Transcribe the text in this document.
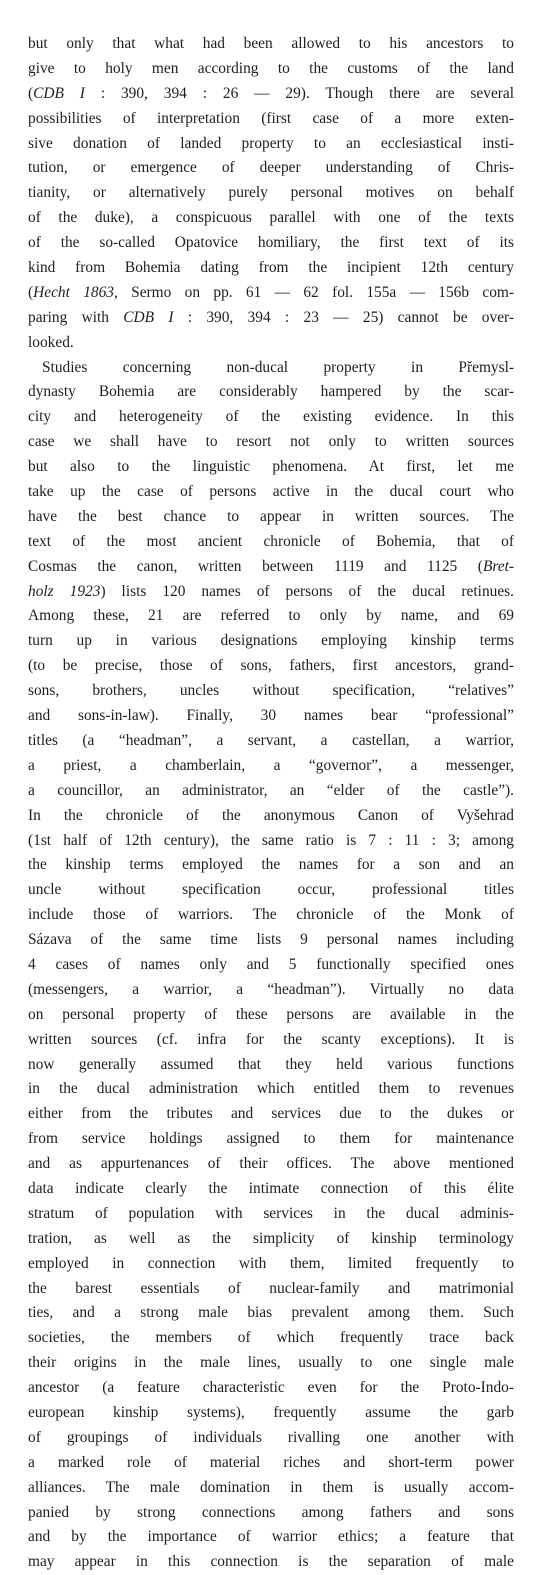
but only that what had been allowed to his ancestors to
give to holy men according to the customs of the land
(CDB I : 390, 394 : 26 — 29). Though there are several
possibilities of interpretation (first case of a more exten-
sive donation of landed property to an ecclesiastical insti-
tution, or emergence of deeper understanding of Chris-
tianity, or alternatively purely personal motives on behalf
of the duke), a conspicuous parallel with one of the texts
of the so-called Opatovice homiliary, the first text of its
kind from Bohemia dating from the incipient 12th century
(Hecht 1863, Sermo on pp. 61 — 62 fol. 155a — 156b com-
paring with CDB I : 390, 394 : 23 — 25) cannot be over-
looked.
Studies concerning non-ducal property in Přemysl-
dynasty Bohemia are considerably hampered by the scar-
city and heterogeneity of the existing evidence. In this
case we shall have to resort not only to written sources
but also to the linguistic phenomena. At first, let me
take up the case of persons active in the ducal court who
have the best chance to appear in written sources. The
text of the most ancient chronicle of Bohemia, that of
Cosmas the canon, written between 1119 and 1125 (Bret-
holz 1923) lists 120 names of persons of the ducal retinues.
Among these, 21 are referred to only by name, and 69
turn up in various designations employing kinship terms
(to be precise, those of sons, fathers, first ancestors, grand-
sons, brothers, uncles without specification, “relatives”
and sons-in-law). Finally, 30 names bear “professional”
titles (a “headman”, a servant, a castellan, a warrior,
a priest, a chamberlain, a “governor”, a messenger,
a councillor, an administrator, an “elder of the castle”).
In the chronicle of the anonymous Canon of Vyšehrad
(1st half of 12th century), the same ratio is 7 : 11 : 3; among
the kinship terms employed the names for a son and an
uncle without specification occur, professional titles
include those of warriors. The chronicle of the Monk of
Sázava of the same time lists 9 personal names including
4 cases of names only and 5 functionally specified ones
(messengers, a warrior, a “headman”). Virtually no data
on personal property of these persons are available in the
written sources (cf. infra for the scanty exceptions). It is
now generally assumed that they held various functions
in the ducal administration which entitled them to revenues
either from the tributes and services due to the dukes or
from service holdings assigned to them for maintenance
and as appurtenances of their offices. The above mentioned
data indicate clearly the intimate connection of this élite
stratum of population with services in the ducal adminis-
tration, as well as the simplicity of kinship terminology
employed in connection with them, limited frequently to
the barest essentials of nuclear-family and matrimonial
ties, and a strong male bias prevalent among them. Such
societies, the members of which frequently trace back
their origins in the male lines, usually to one single male
ancestor (a feature characteristic even for the Proto-Indo-
european kinship systems), frequently assume the garb
of groupings of individuals rivalling one another with
a marked role of material riches and short-term power
alliances. The male domination in them is usually accom-
panied by strong connections among fathers and sons
and by the importance of warrior ethics; a feature that
may appear in this connection is the separation of male
